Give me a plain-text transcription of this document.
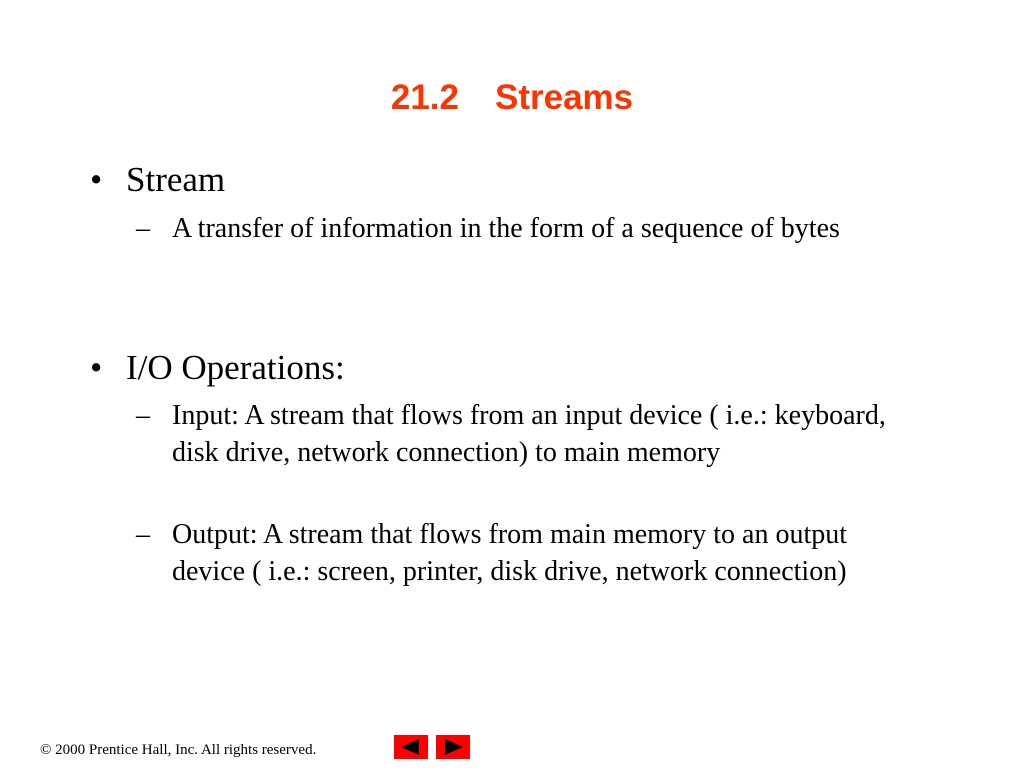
21.2 Streams
• Stream
– A transfer of information in the form of a sequence of bytes
• I/O Operations:
– Input: A stream that flows from an input device ( i.e.: keyboard, disk drive, network connection) to main memory
– Output: A stream that flows from main memory to an output device ( i.e.: screen, printer, disk drive, network connection)
© 2000 Prentice Hall, Inc. All rights reserved.
